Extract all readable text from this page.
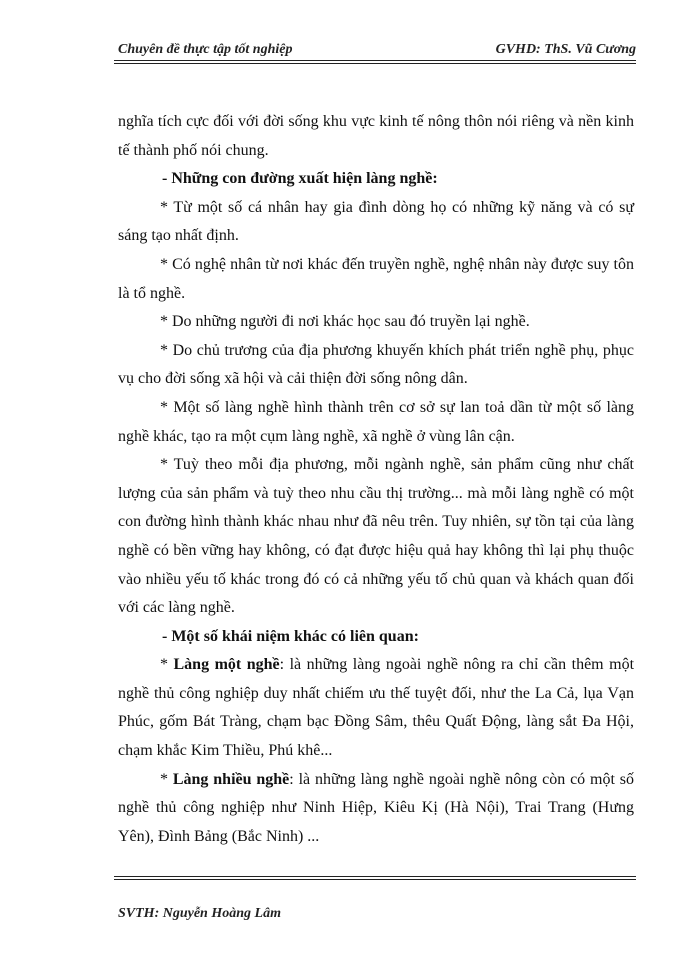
Chuyên đề thực tập tốt nghiệp	GVHD: ThS. Vũ Cương

nghĩa tích cực đối với đời sống khu vực kinh tế nông thôn nói riêng và nền kinh tế thành phố nói chung.

- Những con đường xuất hiện làng nghề:

* Từ một số cá nhân hay gia đình dòng họ có những kỹ năng và có sự sáng tạo nhất định.

* Có nghệ nhân từ nơi khác đến truyền nghề, nghệ nhân này được suy tôn là tổ nghề.

* Do những người đi nơi khác học sau đó truyền lại nghề.

* Do chủ trương của địa phương khuyến khích phát triển nghề phụ, phục vụ cho đời sống xã hội và cải thiện đời sống nông dân.

* Một số làng nghề hình thành trên cơ sở sự lan toả dần từ một số làng nghề khác, tạo ra một cụm làng nghề, xã nghề ở vùng lân cận.

* Tuỳ theo mỗi địa phương, mỗi ngành nghề, sản phẩm cũng như chất lượng của sản phẩm và tuỳ theo nhu cầu thị trường... mà mỗi làng nghề có một con đường hình thành khác nhau như đã nêu trên. Tuy nhiên, sự tồn tại của làng nghề có bền vững hay không, có đạt được hiệu quả hay không thì lại phụ thuộc vào nhiều yếu tố khác trong đó có cả những yếu tố chủ quan và khách quan đối với các làng nghề.

- Một số khái niệm khác có liên quan:

* Làng một nghề: là những làng ngoài nghề nông ra chỉ cần thêm một nghề thủ công nghiệp duy nhất chiếm ưu thế tuyệt đối, như the La Cả, lụa Vạn Phúc, gốm Bát Tràng, chạm bạc Đồng Sâm, thêu Quất Động, làng sắt Đa Hội, chạm khắc Kim Thiều, Phú khê...

* Làng nhiều nghề: là những làng nghề ngoài nghề nông còn có một số nghề thủ công nghiệp như Ninh Hiệp, Kiêu Kị (Hà Nội), Trai Trang (Hưng Yên), Đình Bảng (Bắc Ninh) ...

SVTH: Nguyễn Hoàng Lâm
